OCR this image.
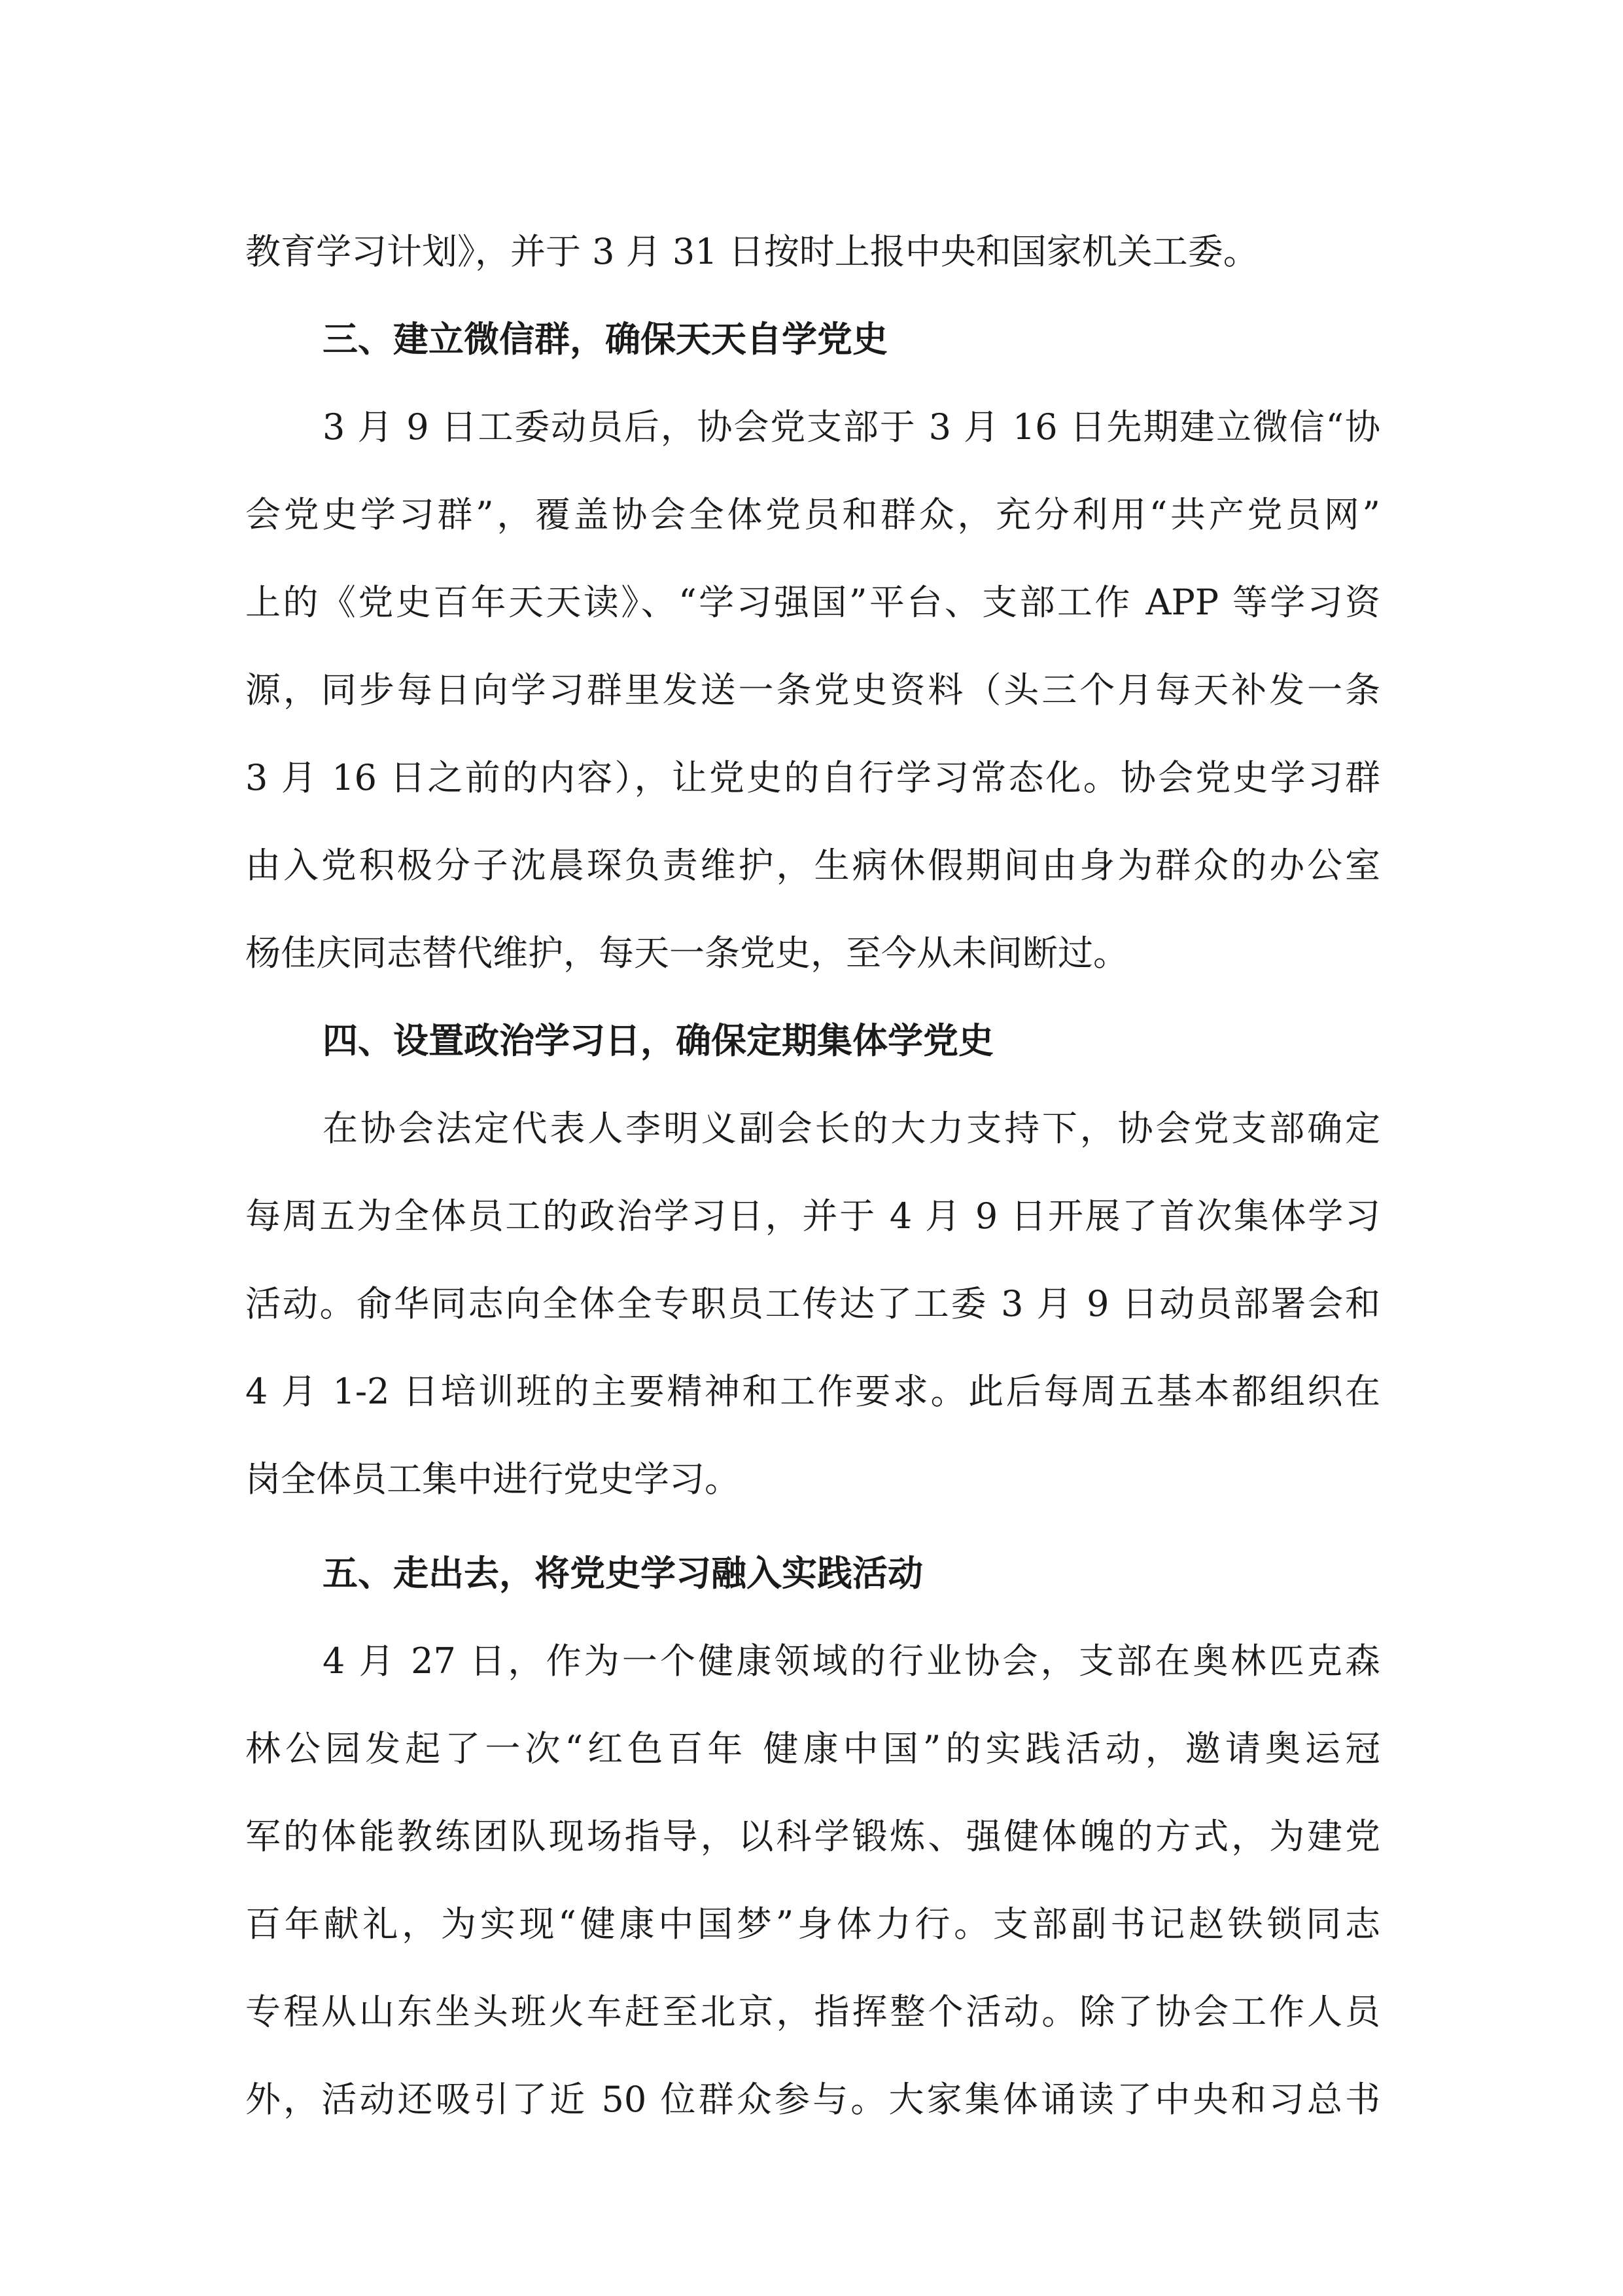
教育学习计划》，并于 3 月 31 日按时上报中央和国家机关工委。
三、建立微信群，确保天天自学党史
3 月 9 日工委动员后，协会党支部于 3 月 16 日先期建立微信“协
会党史学习群”，覆盖协会全体党员和群众，充分利用“共产党员网”
上的《党史百年天天读》、“学习强国”平台、支部工作 APP 等学习资
源，同步每日向学习群里发送一条党史资料（头三个月每天补发一条
3 月 16 日之前的内容），让党史的自行学习常态化。协会党史学习群
由入党积极分子沈晨琛负责维护，生病休假期间由身为群众的办公室
杨佳庆同志替代维护，每天一条党史，至今从未间断过。
四、设置政治学习日，确保定期集体学党史
在协会法定代表人李明义副会长的大力支持下，协会党支部确定
每周五为全体员工的政治学习日，并于 4 月 9 日开展了首次集体学习
活动。俞华同志向全体全专职员工传达了工委 3 月 9 日动员部署会和
4 月 1-2 日培训班的主要精神和工作要求。此后每周五基本都组织在
岗全体员工集中进行党史学习。
五、走出去，将党史学习融入实践活动
4 月 27 日，作为一个健康领域的行业协会，支部在奥林匹克森
林公园发起了一次“红色百年 健康中国”的实践活动，邀请奥运冠
军的体能教练团队现场指导，以科学锻炼、强健体魄的方式，为建党
百年献礼，为实现“健康中国梦”身体力行。支部副书记赵铁锁同志
专程从山东坐头班火车赶至北京，指挥整个活动。除了协会工作人员
外，活动还吸引了近 50 位群众参与。大家集体诵读了中央和习总书
